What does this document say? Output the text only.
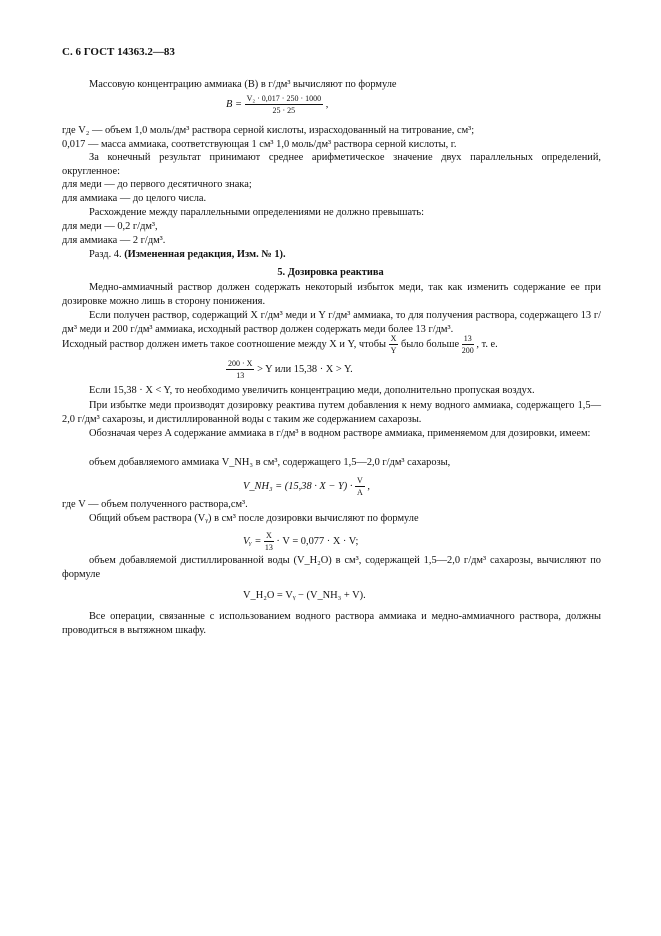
С. 6 ГОСТ 14363.2—83
Массовую концентрацию аммиака (В) в г/дм³ вычисляют по формуле
$B = \frac{\text{V₂ · 0,017 · 250 · 1000}}{25 \cdot 25}$ ,
где V₂ — объем 1,0 моль/дм³ раствора серной кислоты, израсходованный на титрование, см³;
0,017 — масса аммиака, соответствующая 1 см³ 1,0 моль/дм³ раствора серной кислоты, г.
За конечный результат принимают среднее арифметическое значение двух параллельных определений, округленное:
для меди — до первого десятичного знака;
для аммиака — до целого числа.
Расхождение между параллельными определениями не должно превышать:
для меди — 0,2 г/дм³,
для аммиака — 2 г/дм³.
Разд. 4. (Измененная редакция, Изм. № 1).
5. Дозировка реактива
Медно-аммиачный раствор должен содержать некоторый избыток меди, так как изменить содержание ее при дозировке можно лишь в сторону понижения.
Если получен раствор, содержащий X г/дм³ меди и Y г/дм³ аммиака, то для получения раствора, содержащего 13 г/дм³ меди и 200 г/дм³ аммиака, исходный раствор должен содержать меди более 13 г/дм³.
Исходный раствор должен иметь такое соотношение между X и Y, чтобы $\frac{X}{Y}$ было больше $\frac{13}{200}$ , т. е.
$\frac{200 \cdot X}{13} > Y$ или 15,38 · X > Y.
Если 15,38 · X < Y, то необходимо увеличить концентрацию меди, дополнительно пропуская воздух.
При избытке меди производят дозировку реактива путем добавления к нему водного аммиака, содержащего 1,5—2,0 г/дм³ сахарозы, и дистиллированной воды с таким же содержанием сахарозы.
Обозначая через A содержание аммиака в г/дм³ в водном растворе аммиака, применяемом для дозировки, имеем:
объем добавляемого аммиака V_NH₃ в см³, содержащего 1,5—2,0 г/дм³ сахарозы,
V_NH₃ = $(15,38 \cdot X - Y) \cdot \frac{V}{A}$ ,
где V — объем полученного раствора,см³.
Общий объем раствора (Vᵧ) в см³ после дозировки вычисляют по формуле
Vᵧ = $\frac{X}{13} \cdot V = 0,077 \cdot X \cdot V$;
объем добавляемой дистиллированной воды (V_H₂O) в см³, содержащей 1,5—2,0 г/дм³ сахарозы, вычисляют по формуле
V_H₂O = Vᵧ − (V_NH₃ + V).
Все операции, связанные с использованием водного раствора аммиака и медно-аммиачного раствора, должны проводиться в вытяжном шкафу.
